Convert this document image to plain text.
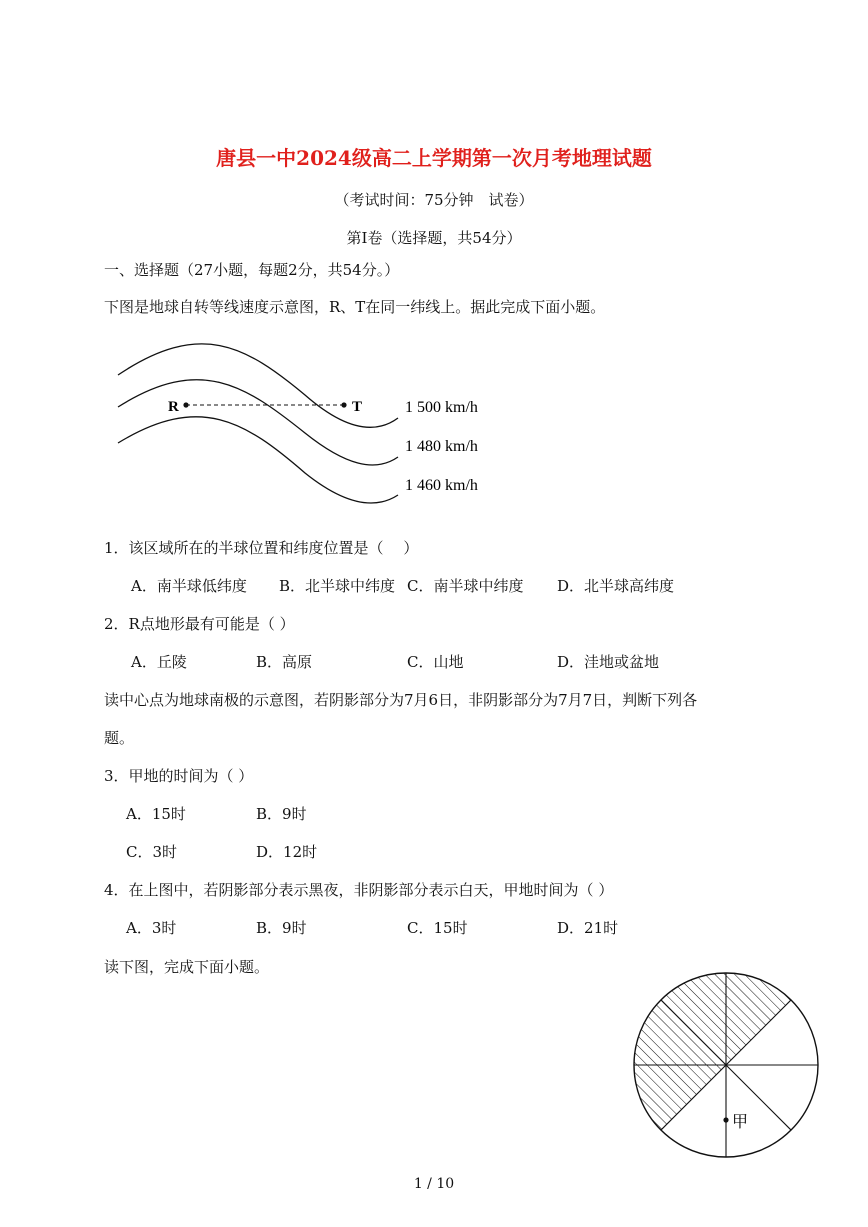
唐县一中2024级高二上学期第一次月考地理试题
（考试时间：75分钟　试卷）
第Ⅰ卷（选择题，共54分）
一、选择题（27小题，每题2分，共54分。）
下图是地球自转等线速度示意图，R、T在同一纬线上。据此完成下面小题。
R	T	1 500 km/h
1 480 km/h
1 460 km/h
1．该区域所在的半球位置和纬度位置是（　 ）
A．南半球低纬度 B．北半球中纬度 C．南半球中纬度 D．北半球高纬度
2．R点地形最有可能是（ ）
A．丘陵	B．高原	C．山地	D．洼地或盆地
读中心点为地球南极的示意图，若阴影部分为7月6日，非阴影部分为7月7日，判断下列各
题。
3．甲地的时间为（ ）
A．15时	B．9时
C．3时	D．12时
4．在上图中，若阴影部分表示黑夜，非阴影部分表示白天，甲地时间为（ ）
A．3时	B．9时	C．15时	D．21时
读下图，完成下面小题。
甲
1 / 10
